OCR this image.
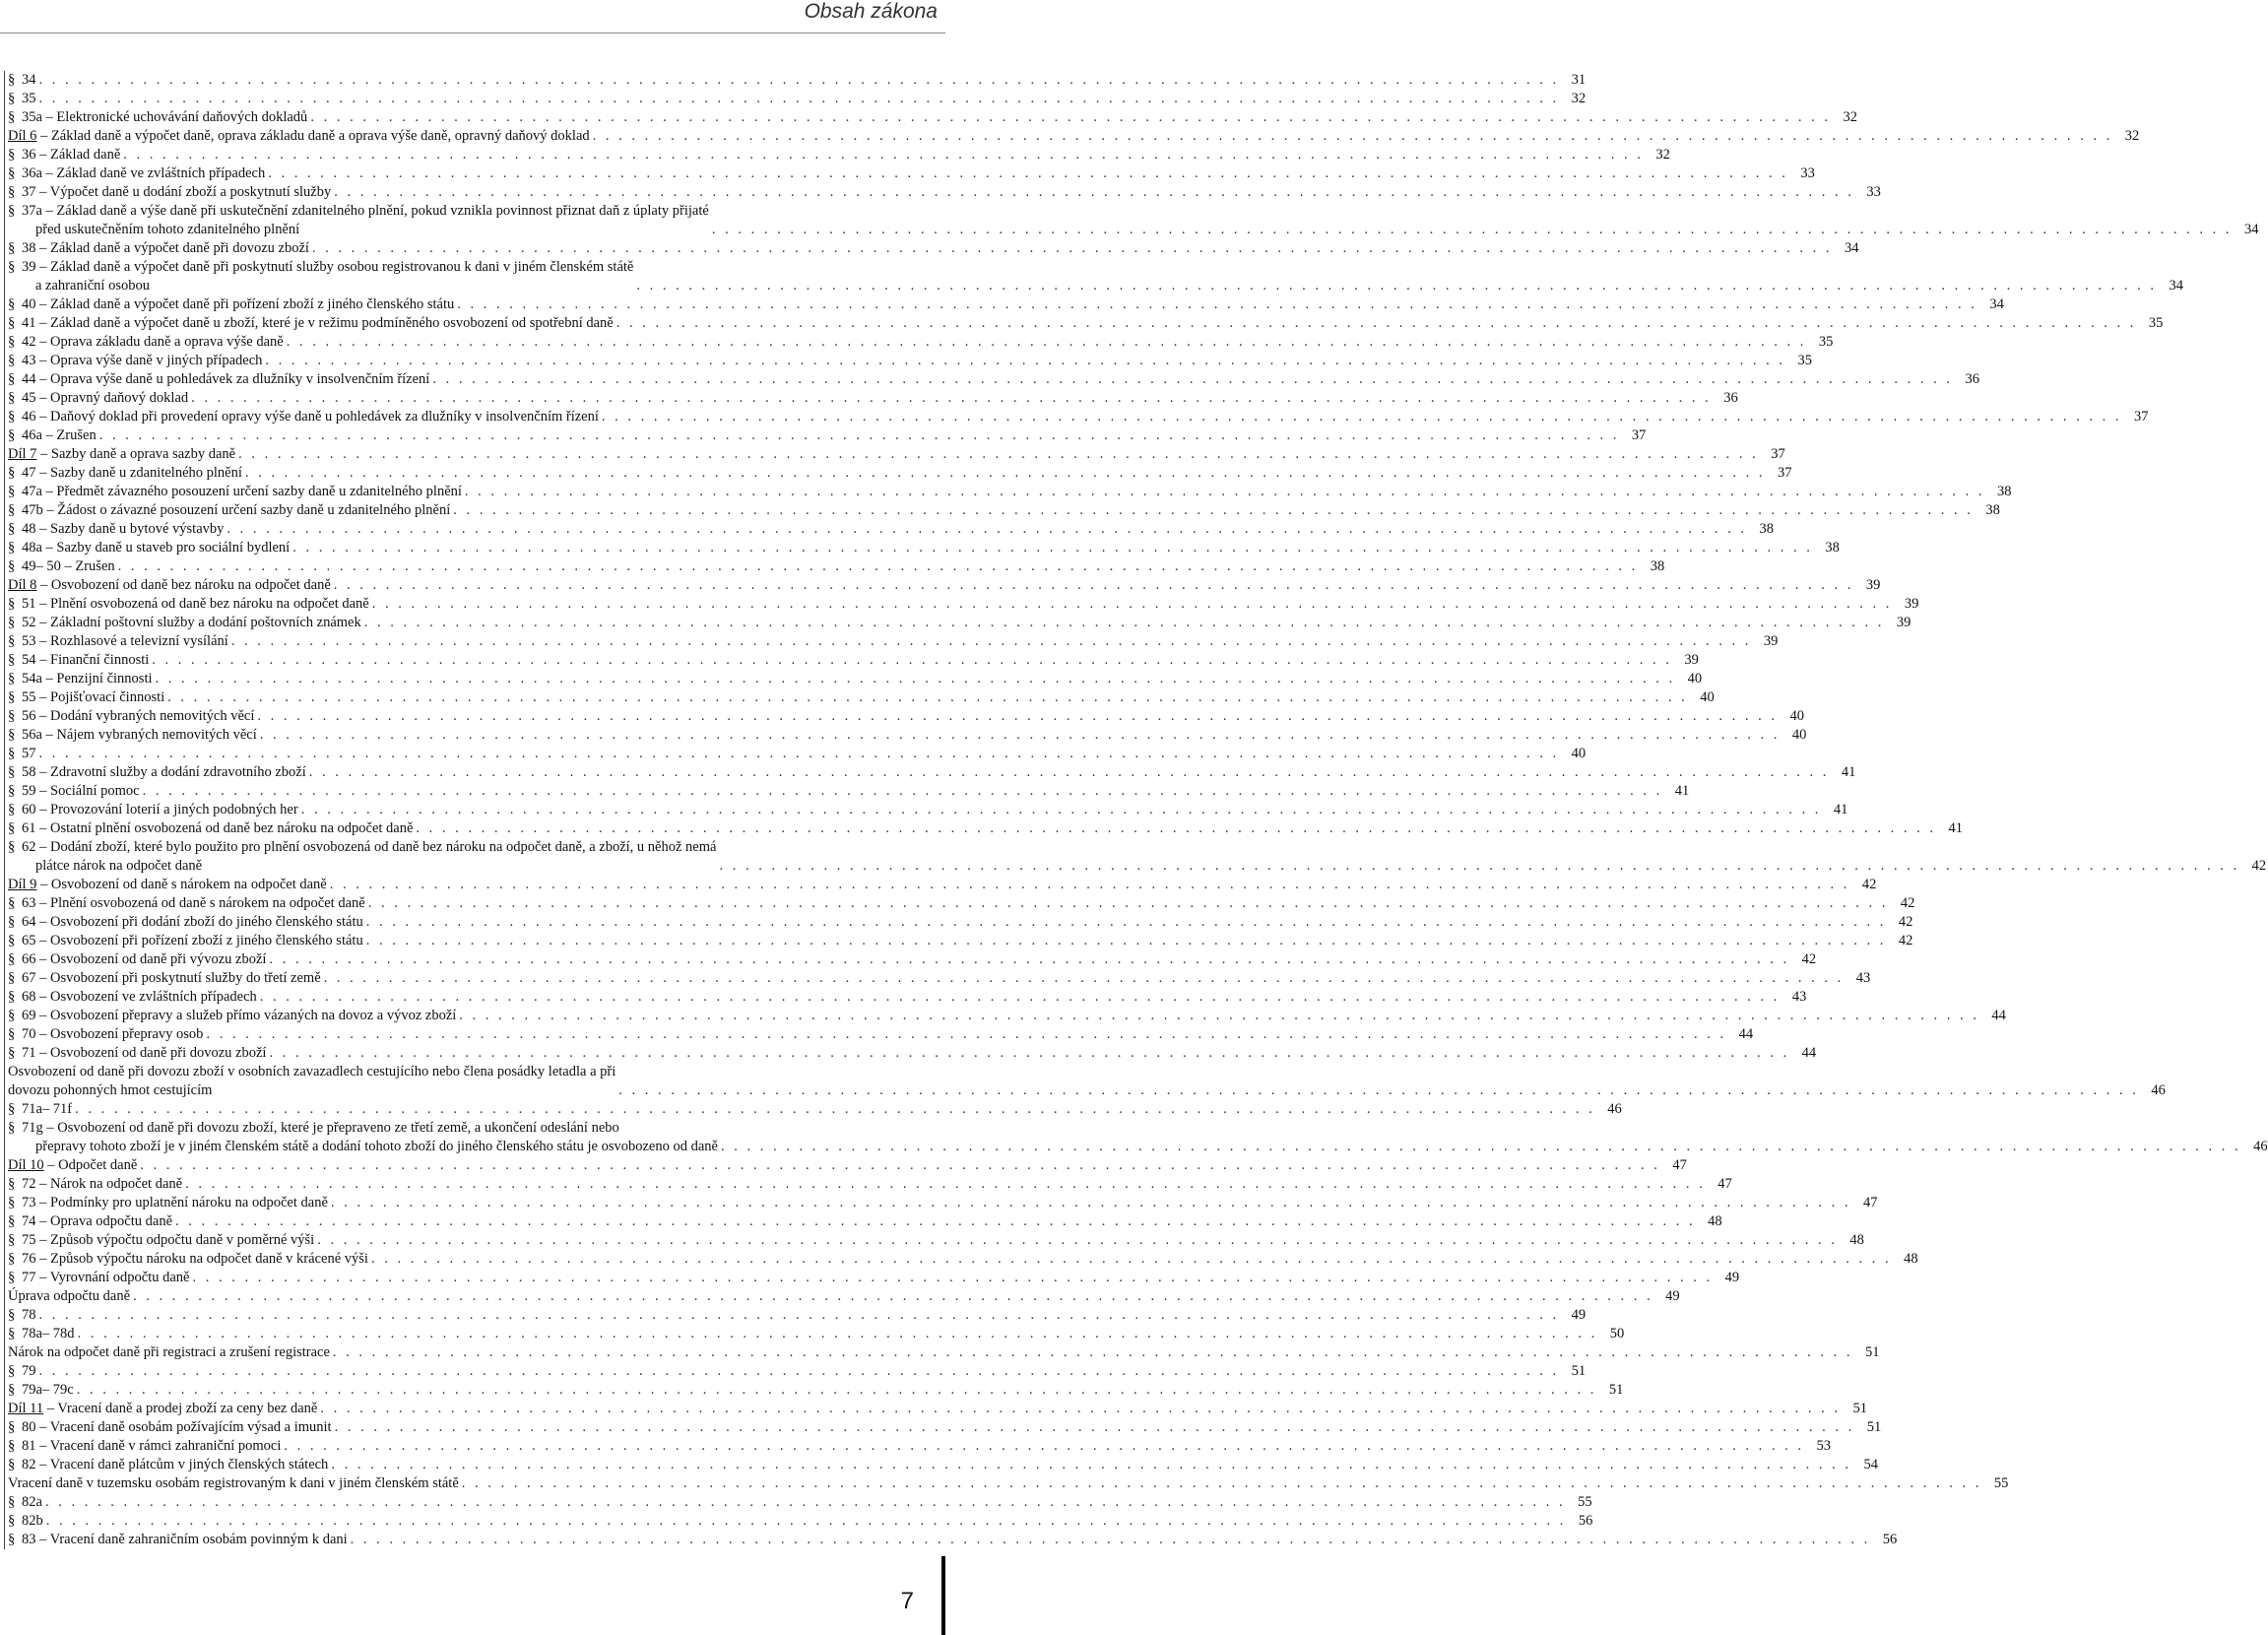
Obsah zákona
§ 34 . . . . . . . . . . . . . . . . . . . . . . . . . . . . . . . . . . . . . . . . . . . . . . . . . . . . . . . . . . . . . . . . . . . . . . . . . . . . . . . . . . . . . . . . . . . . . . . . . . . . . . . . . . . . . . . . . . . . . 31
§ 35 . . . . . . . . . . . . . . . . . . . . . . . . . . . . . . . . . . . . . . . . . . . . . . . . . . . . . . . . . . . . . . . . . . . . . . . . . . . . . . . . . . . . . . . . . . . . . . . . . . . . . . . . . . . . . . . . . . . . . 32
§ 35a – Elektronické uchovávání daňových dokladů . . . . . . . . . . . . . . . . . . . . . . . . . . . . . . . . . . . . . . . . . . . . . . . . . . . . . . . . . . . . . . . . . . . . . . . . . . . . . . . . . . . . . . . . . . . . . . . . . . . . . . . . . . . . . . . . . . . . . 32
Díl 6 – Základ daně a výpočet daně, oprava základu daně a oprava výše daně, opravný daňový doklad . . . . . . . . . . . . . . . . . . . . . . . . . . . . . . . . . . . . . . . . . . . . . . . . . . . . . . . . . . . . . . . . . . . . . . . . . . . . . . . . . . . . . . . . . . . . . . . . . . . . . . . . . . . . . . . . . . . . . 32
§ 36 – Základ daně . . . . . . . . . . . . . . . . . . . . . . . . . . . . . . . . . . . . . . . . . . . . . . . . . . . . . . . . . . . . . . . . . . . . . . . . . . . . . . . . . . . . . . . . . . . . . . . . . . . . . . . . . . . . . . . . . . . . . 32
§ 36a – Základ daně ve zvláštních případech . . . . . . . . . . . . . . . . . . . . . . . . . . . . . . . . . . . . . . . . . . . . . . . . . . . . . . . . . . . . . . . . . . . . . . . . . . . . . . . . . . . . . . . . . . . . . . . . . . . . . . . . . . . . . . . . . . . . . 33
§ 37 – Výpočet daně u dodání zboží a poskytnutí služby . . . . . . . . . . . . . . . . . . . . . . . . . . . . . . . . . . . . . . . . . . . . . . . . . . . . . . . . . . . . . . . . . . . . . . . . . . . . . . . . . . . . . . . . . . . . . . . . . . . . . . . . . . . . . . . . . . . . . 33
§ 37a – Základ daně a výše daně při uskutečnění zdanitelného plnění, pokud vznikla povinnost přiznat daň z úplaty přijaté
před uskutečněním tohoto zdanitelného plnění	. . . . . . . . . . . . . . . . . . . . . . . . . . . . . . . . . . . . . . . . . . . . . . . . . . . . . . . . . . . . . . . . . . . . . . . . . . . . . . . . . . . . . . . . . . . . . . . . . . . . . . . . . . . . . . . . . . . . . 34
§ 38 – Základ daně a výpočet daně při dovozu zboží . . . . . . . . . . . . . . . . . . . . . . . . . . . . . . . . . . . . . . . . . . . . . . . . . . . . . . . . . . . . . . . . . . . . . . . . . . . . . . . . . . . . . . . . . . . . . . . . . . . . . . . . . . . . . . . . . . . . . 34
§ 39 – Základ daně a výpočet daně při poskytnutí služby osobou registrovanou k dani v jiném členském státě
a zahraniční osobou	. . . . . . . . . . . . . . . . . . . . . . . . . . . . . . . . . . . . . . . . . . . . . . . . . . . . . . . . . . . . . . . . . . . . . . . . . . . . . . . . . . . . . . . . . . . . . . . . . . . . . . . . . . . . . . . . . . . . . 34
§ 40 – Základ daně a výpočet daně při pořízení zboží z jiného členského státu . . . . . . . . . . . . . . . . . . . . . . . . . . . . . . . . . . . . . . . . . . . . . . . . . . . . . . . . . . . . . . . . . . . . . . . . . . . . . . . . . . . . . . . . . . . . . . . . . . . . . . . . . . . . . . . . . . . . . 34
§ 41 – Základ daně a výpočet daně u zboží, které je v režimu podmíněného osvobození od spotřební daně . . . . . . . . . . . . . . . . . . . . . . . . . . . . . . . . . . . . . . . . . . . . . . . . . . . . . . . . . . . . . . . . . . . . . . . . . . . . . . . . . . . . . . . . . . . . . . . . . . . . . . . . . . . . . . . . . . . . . 35
§ 42 – Oprava základu daně a oprava výše daně . . . . . . . . . . . . . . . . . . . . . . . . . . . . . . . . . . . . . . . . . . . . . . . . . . . . . . . . . . . . . . . . . . . . . . . . . . . . . . . . . . . . . . . . . . . . . . . . . . . . . . . . . . . . . . . . . . . . . 35
§ 43 – Oprava výše daně v jiných případech . . . . . . . . . . . . . . . . . . . . . . . . . . . . . . . . . . . . . . . . . . . . . . . . . . . . . . . . . . . . . . . . . . . . . . . . . . . . . . . . . . . . . . . . . . . . . . . . . . . . . . . . . . . . . . . . . . . . . 35
§ 44 – Oprava výše daně u pohledávek za dlužníky v insolvenčním řízení . . . . . . . . . . . . . . . . . . . . . . . . . . . . . . . . . . . . . . . . . . . . . . . . . . . . . . . . . . . . . . . . . . . . . . . . . . . . . . . . . . . . . . . . . . . . . . . . . . . . . . . . . . . . . . . . . . . . . 36
§ 45 – Opravný daňový doklad . . . . . . . . . . . . . . . . . . . . . . . . . . . . . . . . . . . . . . . . . . . . . . . . . . . . . . . . . . . . . . . . . . . . . . . . . . . . . . . . . . . . . . . . . . . . . . . . . . . . . . . . . . . . . . . . . . . . . 36
§ 46 – Daňový doklad při provedení opravy výše daně u pohledávek za dlužníky v insolvenčním řízení . . . . . . . . . . . . . . . . . . . . . . . . . . . . . . . . . . . . . . . . . . . . . . . . . . . . . . . . . . . . . . . . . . . . . . . . . . . . . . . . . . . . . . . . . . . . . . . . . . . . . . . . . . . . . . . . . . . . . 37
§ 46a – Zrušen . . . . . . . . . . . . . . . . . . . . . . . . . . . . . . . . . . . . . . . . . . . . . . . . . . . . . . . . . . . . . . . . . . . . . . . . . . . . . . . . . . . . . . . . . . . . . . . . . . . . . . . . . . . . . . . . . . . . . 37
Díl 7 – Sazby daně a oprava sazby daně . . . . . . . . . . . . . . . . . . . . . . . . . . . . . . . . . . . . . . . . . . . . . . . . . . . . . . . . . . . . . . . . . . . . . . . . . . . . . . . . . . . . . . . . . . . . . . . . . . . . . . . . . . . . . . . . . . . . . 37
§ 47 – Sazby daně u zdanitelného plnění . . . . . . . . . . . . . . . . . . . . . . . . . . . . . . . . . . . . . . . . . . . . . . . . . . . . . . . . . . . . . . . . . . . . . . . . . . . . . . . . . . . . . . . . . . . . . . . . . . . . . . . . . . . . . . . . . . . . . 37
§ 47a – Předmět závazného posouzení určení sazby daně u zdanitelného plnění . . . . . . . . . . . . . . . . . . . . . . . . . . . . . . . . . . . . . . . . . . . . . . . . . . . . . . . . . . . . . . . . . . . . . . . . . . . . . . . . . . . . . . . . . . . . . . . . . . . . . . . . . . . . . . . . . . . . . 38
§ 47b – Žádost o závazné posouzení určení sazby daně u zdanitelného plnění . . . . . . . . . . . . . . . . . . . . . . . . . . . . . . . . . . . . . . . . . . . . . . . . . . . . . . . . . . . . . . . . . . . . . . . . . . . . . . . . . . . . . . . . . . . . . . . . . . . . . . . . . . . . . . . . . . . . . 38
§ 48 – Sazby daně u bytové výstavby . . . . . . . . . . . . . . . . . . . . . . . . . . . . . . . . . . . . . . . . . . . . . . . . . . . . . . . . . . . . . . . . . . . . . . . . . . . . . . . . . . . . . . . . . . . . . . . . . . . . . . . . . . . . . . . . . . . . . 38
§ 48a – Sazby daně u staveb pro sociální bydlení . . . . . . . . . . . . . . . . . . . . . . . . . . . . . . . . . . . . . . . . . . . . . . . . . . . . . . . . . . . . . . . . . . . . . . . . . . . . . . . . . . . . . . . . . . . . . . . . . . . . . . . . . . . . . . . . . . . . . 38
§ 49– 50 – Zrušen . . . . . . . . . . . . . . . . . . . . . . . . . . . . . . . . . . . . . . . . . . . . . . . . . . . . . . . . . . . . . . . . . . . . . . . . . . . . . . . . . . . . . . . . . . . . . . . . . . . . . . . . . . . . . . . . . . . . . 38
Díl 8 – Osvobození od daně bez nároku na odpočet daně . . . . . . . . . . . . . . . . . . . . . . . . . . . . . . . . . . . . . . . . . . . . . . . . . . . . . . . . . . . . . . . . . . . . . . . . . . . . . . . . . . . . . . . . . . . . . . . . . . . . . . . . . . . . . . . . . . . . . 39
§ 51 – Plnění osvobozená od daně bez nároku na odpočet daně . . . . . . . . . . . . . . . . . . . . . . . . . . . . . . . . . . . . . . . . . . . . . . . . . . . . . . . . . . . . . . . . . . . . . . . . . . . . . . . . . . . . . . . . . . . . . . . . . . . . . . . . . . . . . . . . . . . . . 39
§ 52 – Základní poštovní služby a dodání poštovních známek . . . . . . . . . . . . . . . . . . . . . . . . . . . . . . . . . . . . . . . . . . . . . . . . . . . . . . . . . . . . . . . . . . . . . . . . . . . . . . . . . . . . . . . . . . . . . . . . . . . . . . . . . . . . . . . . . . . . . 39
§ 53 – Rozhlasové a televizní vysílání . . . . . . . . . . . . . . . . . . . . . . . . . . . . . . . . . . . . . . . . . . . . . . . . . . . . . . . . . . . . . . . . . . . . . . . . . . . . . . . . . . . . . . . . . . . . . . . . . . . . . . . . . . . . . . . . . . . . . 39
§ 54 – Finanční činnosti . . . . . . . . . . . . . . . . . . . . . . . . . . . . . . . . . . . . . . . . . . . . . . . . . . . . . . . . . . . . . . . . . . . . . . . . . . . . . . . . . . . . . . . . . . . . . . . . . . . . . . . . . . . . . . . . . . . . . 39
§ 54a – Penzijní činnosti . . . . . . . . . . . . . . . . . . . . . . . . . . . . . . . . . . . . . . . . . . . . . . . . . . . . . . . . . . . . . . . . . . . . . . . . . . . . . . . . . . . . . . . . . . . . . . . . . . . . . . . . . . . . . . . . . . . . . 40
§ 55 – Pojišťovací činnosti . . . . . . . . . . . . . . . . . . . . . . . . . . . . . . . . . . . . . . . . . . . . . . . . . . . . . . . . . . . . . . . . . . . . . . . . . . . . . . . . . . . . . . . . . . . . . . . . . . . . . . . . . . . . . . . . . . . . . 40
§ 56 – Dodání vybraných nemovitých věcí . . . . . . . . . . . . . . . . . . . . . . . . . . . . . . . . . . . . . . . . . . . . . . . . . . . . . . . . . . . . . . . . . . . . . . . . . . . . . . . . . . . . . . . . . . . . . . . . . . . . . . . . . . . . . . . . . . . . . 40
§ 56a – Nájem vybraných nemovitých věcí . . . . . . . . . . . . . . . . . . . . . . . . . . . . . . . . . . . . . . . . . . . . . . . . . . . . . . . . . . . . . . . . . . . . . . . . . . . . . . . . . . . . . . . . . . . . . . . . . . . . . . . . . . . . . . . . . . . . . 40
§ 57 . . . . . . . . . . . . . . . . . . . . . . . . . . . . . . . . . . . . . . . . . . . . . . . . . . . . . . . . . . . . . . . . . . . . . . . . . . . . . . . . . . . . . . . . . . . . . . . . . . . . . . . . . . . . . . . . . . . . . 40
§ 58 – Zdravotní služby a dodání zdravotního zboží . . . . . . . . . . . . . . . . . . . . . . . . . . . . . . . . . . . . . . . . . . . . . . . . . . . . . . . . . . . . . . . . . . . . . . . . . . . . . . . . . . . . . . . . . . . . . . . . . . . . . . . . . . . . . . . . . . . . . 41
§ 59 – Sociální pomoc . . . . . . . . . . . . . . . . . . . . . . . . . . . . . . . . . . . . . . . . . . . . . . . . . . . . . . . . . . . . . . . . . . . . . . . . . . . . . . . . . . . . . . . . . . . . . . . . . . . . . . . . . . . . . . . . . . . . . 41
§ 60 – Provozování loterií a jiných podobných her . . . . . . . . . . . . . . . . . . . . . . . . . . . . . . . . . . . . . . . . . . . . . . . . . . . . . . . . . . . . . . . . . . . . . . . . . . . . . . . . . . . . . . . . . . . . . . . . . . . . . . . . . . . . . . . . . . . . . 41
§ 61 – Ostatní plnění osvobozená od daně bez nároku na odpočet daně . . . . . . . . . . . . . . . . . . . . . . . . . . . . . . . . . . . . . . . . . . . . . . . . . . . . . . . . . . . . . . . . . . . . . . . . . . . . . . . . . . . . . . . . . . . . . . . . . . . . . . . . . . . . . . . . . . . . . 41
§ 62 – Dodání zboží, které bylo použito pro plnění osvobozená od daně bez nároku na odpočet daně, a zboží, u něhož nemá
plátce nárok na odpočet daně	. . . . . . . . . . . . . . . . . . . . . . . . . . . . . . . . . . . . . . . . . . . . . . . . . . . . . . . . . . . . . . . . . . . . . . . . . . . . . . . . . . . . . . . . . . . . . . . . . . . . . . . . . . . . . . . . . . . . . 42
Díl 9 – Osvobození od daně s nárokem na odpočet daně . . . . . . . . . . . . . . . . . . . . . . . . . . . . . . . . . . . . . . . . . . . . . . . . . . . . . . . . . . . . . . . . . . . . . . . . . . . . . . . . . . . . . . . . . . . . . . . . . . . . . . . . . . . . . . . . . . . . . 42
§ 63 – Plnění osvobozená od daně s nárokem na odpočet daně . . . . . . . . . . . . . . . . . . . . . . . . . . . . . . . . . . . . . . . . . . . . . . . . . . . . . . . . . . . . . . . . . . . . . . . . . . . . . . . . . . . . . . . . . . . . . . . . . . . . . . . . . . . . . . . . . . . . . 42
§ 64 – Osvobození při dodání zboží do jiného členského státu . . . . . . . . . . . . . . . . . . . . . . . . . . . . . . . . . . . . . . . . . . . . . . . . . . . . . . . . . . . . . . . . . . . . . . . . . . . . . . . . . . . . . . . . . . . . . . . . . . . . . . . . . . . . . . . . . . . . . 42
§ 65 – Osvobození při pořízení zboží z jiného členského státu . . . . . . . . . . . . . . . . . . . . . . . . . . . . . . . . . . . . . . . . . . . . . . . . . . . . . . . . . . . . . . . . . . . . . . . . . . . . . . . . . . . . . . . . . . . . . . . . . . . . . . . . . . . . . . . . . . . . . 42
§ 66 – Osvobození od daně při vývozu zboží . . . . . . . . . . . . . . . . . . . . . . . . . . . . . . . . . . . . . . . . . . . . . . . . . . . . . . . . . . . . . . . . . . . . . . . . . . . . . . . . . . . . . . . . . . . . . . . . . . . . . . . . . . . . . . . . . . . . . 42
§ 67 – Osvobození při poskytnutí služby do třetí země . . . . . . . . . . . . . . . . . . . . . . . . . . . . . . . . . . . . . . . . . . . . . . . . . . . . . . . . . . . . . . . . . . . . . . . . . . . . . . . . . . . . . . . . . . . . . . . . . . . . . . . . . . . . . . . . . . . . . 43
§ 68 – Osvobození ve zvláštních případech . . . . . . . . . . . . . . . . . . . . . . . . . . . . . . . . . . . . . . . . . . . . . . . . . . . . . . . . . . . . . . . . . . . . . . . . . . . . . . . . . . . . . . . . . . . . . . . . . . . . . . . . . . . . . . . . . . . . . 43
§ 69 – Osvobození přepravy a služeb přímo vázaných na dovoz a vývoz zboží . . . . . . . . . . . . . . . . . . . . . . . . . . . . . . . . . . . . . . . . . . . . . . . . . . . . . . . . . . . . . . . . . . . . . . . . . . . . . . . . . . . . . . . . . . . . . . . . . . . . . . . . . . . . . . . . . . . . . 44
§ 70 – Osvobození přepravy osob . . . . . . . . . . . . . . . . . . . . . . . . . . . . . . . . . . . . . . . . . . . . . . . . . . . . . . . . . . . . . . . . . . . . . . . . . . . . . . . . . . . . . . . . . . . . . . . . . . . . . . . . . . . . . . . . . . . . . 44
§ 71 – Osvobození od daně při dovozu zboží . . . . . . . . . . . . . . . . . . . . . . . . . . . . . . . . . . . . . . . . . . . . . . . . . . . . . . . . . . . . . . . . . . . . . . . . . . . . . . . . . . . . . . . . . . . . . . . . . . . . . . . . . . . . . . . . . . . . . 44
Osvobození od daně při dovozu zboží v osobních zavazadlech cestujícího nebo člena posádky letadla a při
dovozu pohonných hmot cestujícím	. . . . . . . . . . . . . . . . . . . . . . . . . . . . . . . . . . . . . . . . . . . . . . . . . . . . . . . . . . . . . . . . . . . . . . . . . . . . . . . . . . . . . . . . . . . . . . . . . . . . . . . . . . . . . . . . . . . . . 46
§ 71a– 71f . . . . . . . . . . . . . . . . . . . . . . . . . . . . . . . . . . . . . . . . . . . . . . . . . . . . . . . . . . . . . . . . . . . . . . . . . . . . . . . . . . . . . . . . . . . . . . . . . . . . . . . . . . . . . . . . . . . . . 46
§ 71g – Osvobození od daně při dovozu zboží, které je přepraveno ze třetí země, a ukončení odeslání nebo
přepravy tohoto zboží je v jiném členském státě a dodání tohoto zboží do jiného členského státu je osvobozeno od daně . . . . . . . . . . . . . . . . . . . . . . . . . . . . . . . . . . . . . . . . . . . . . . . . . . . . . . . . . . . . . . . . . . . . . . . . . . . . . . . . . . . . . . . . . . . . . . . . . . . . . . . . . . . . . . . . . . . . . 46
Díl 10 – Odpočet daně . . . . . . . . . . . . . . . . . . . . . . . . . . . . . . . . . . . . . . . . . . . . . . . . . . . . . . . . . . . . . . . . . . . . . . . . . . . . . . . . . . . . . . . . . . . . . . . . . . . . . . . . . . . . . . . . . . . . . 47
§ 72 – Nárok na odpočet daně . . . . . . . . . . . . . . . . . . . . . . . . . . . . . . . . . . . . . . . . . . . . . . . . . . . . . . . . . . . . . . . . . . . . . . . . . . . . . . . . . . . . . . . . . . . . . . . . . . . . . . . . . . . . . . . . . . . . . 47
§ 73 – Podmínky pro uplatnění nároku na odpočet daně . . . . . . . . . . . . . . . . . . . . . . . . . . . . . . . . . . . . . . . . . . . . . . . . . . . . . . . . . . . . . . . . . . . . . . . . . . . . . . . . . . . . . . . . . . . . . . . . . . . . . . . . . . . . . . . . . . . . . 47
§ 74 – Oprava odpočtu daně . . . . . . . . . . . . . . . . . . . . . . . . . . . . . . . . . . . . . . . . . . . . . . . . . . . . . . . . . . . . . . . . . . . . . . . . . . . . . . . . . . . . . . . . . . . . . . . . . . . . . . . . . . . . . . . . . . . . . 48
§ 75 – Způsob výpočtu odpočtu daně v poměrné výši . . . . . . . . . . . . . . . . . . . . . . . . . . . . . . . . . . . . . . . . . . . . . . . . . . . . . . . . . . . . . . . . . . . . . . . . . . . . . . . . . . . . . . . . . . . . . . . . . . . . . . . . . . . . . . . . . . . . . 48
§ 76 – Způsob výpočtu nároku na odpočet daně v krácené výši . . . . . . . . . . . . . . . . . . . . . . . . . . . . . . . . . . . . . . . . . . . . . . . . . . . . . . . . . . . . . . . . . . . . . . . . . . . . . . . . . . . . . . . . . . . . . . . . . . . . . . . . . . . . . . . . . . . . . 48
§ 77 – Vyrovnání odpočtu daně . . . . . . . . . . . . . . . . . . . . . . . . . . . . . . . . . . . . . . . . . . . . . . . . . . . . . . . . . . . . . . . . . . . . . . . . . . . . . . . . . . . . . . . . . . . . . . . . . . . . . . . . . . . . . . . . . . . . . 49
Úprava odpočtu daně . . . . . . . . . . . . . . . . . . . . . . . . . . . . . . . . . . . . . . . . . . . . . . . . . . . . . . . . . . . . . . . . . . . . . . . . . . . . . . . . . . . . . . . . . . . . . . . . . . . . . . . . . . . . . . . . . . . . . 49
§ 78 . . . . . . . . . . . . . . . . . . . . . . . . . . . . . . . . . . . . . . . . . . . . . . . . . . . . . . . . . . . . . . . . . . . . . . . . . . . . . . . . . . . . . . . . . . . . . . . . . . . . . . . . . . . . . . . . . . . . . 49
§ 78a– 78d . . . . . . . . . . . . . . . . . . . . . . . . . . . . . . . . . . . . . . . . . . . . . . . . . . . . . . . . . . . . . . . . . . . . . . . . . . . . . . . . . . . . . . . . . . . . . . . . . . . . . . . . . . . . . . . . . . . . . 50
Nárok na odpočet daně při registraci a zrušení registrace . . . . . . . . . . . . . . . . . . . . . . . . . . . . . . . . . . . . . . . . . . . . . . . . . . . . . . . . . . . . . . . . . . . . . . . . . . . . . . . . . . . . . . . . . . . . . . . . . . . . . . . . . . . . . . . . . . . . . 51
§ 79 . . . . . . . . . . . . . . . . . . . . . . . . . . . . . . . . . . . . . . . . . . . . . . . . . . . . . . . . . . . . . . . . . . . . . . . . . . . . . . . . . . . . . . . . . . . . . . . . . . . . . . . . . . . . . . . . . . . . . 51
§ 79a– 79c . . . . . . . . . . . . . . . . . . . . . . . . . . . . . . . . . . . . . . . . . . . . . . . . . . . . . . . . . . . . . . . . . . . . . . . . . . . . . . . . . . . . . . . . . . . . . . . . . . . . . . . . . . . . . . . . . . . . . 51
Díl 11 – Vracení daně a prodej zboží za ceny bez daně . . . . . . . . . . . . . . . . . . . . . . . . . . . . . . . . . . . . . . . . . . . . . . . . . . . . . . . . . . . . . . . . . . . . . . . . . . . . . . . . . . . . . . . . . . . . . . . . . . . . . . . . . . . . . . . . . . . . . 51
§ 80 – Vracení daně osobám požívajícím výsad a imunit . . . . . . . . . . . . . . . . . . . . . . . . . . . . . . . . . . . . . . . . . . . . . . . . . . . . . . . . . . . . . . . . . . . . . . . . . . . . . . . . . . . . . . . . . . . . . . . . . . . . . . . . . . . . . . . . . . . . . 51
§ 81 – Vracení daně v rámci zahraniční pomoci . . . . . . . . . . . . . . . . . . . . . . . . . . . . . . . . . . . . . . . . . . . . . . . . . . . . . . . . . . . . . . . . . . . . . . . . . . . . . . . . . . . . . . . . . . . . . . . . . . . . . . . . . . . . . . . . . . . . . 53
§ 82 – Vracení daně plátcům v jiných členských státech . . . . . . . . . . . . . . . . . . . . . . . . . . . . . . . . . . . . . . . . . . . . . . . . . . . . . . . . . . . . . . . . . . . . . . . . . . . . . . . . . . . . . . . . . . . . . . . . . . . . . . . . . . . . . . . . . . . . . 54
Vracení daně v tuzemsku osobám registrovaným k dani v jiném členském státě . . . . . . . . . . . . . . . . . . . . . . . . . . . . . . . . . . . . . . . . . . . . . . . . . . . . . . . . . . . . . . . . . . . . . . . . . . . . . . . . . . . . . . . . . . . . . . . . . . . . . . . . . . . . . . . . . . . . . 55
§ 82a . . . . . . . . . . . . . . . . . . . . . . . . . . . . . . . . . . . . . . . . . . . . . . . . . . . . . . . . . . . . . . . . . . . . . . . . . . . . . . . . . . . . . . . . . . . . . . . . . . . . . . . . . . . . . . . . . . . . . 55
§ 82b . . . . . . . . . . . . . . . . . . . . . . . . . . . . . . . . . . . . . . . . . . . . . . . . . . . . . . . . . . . . . . . . . . . . . . . . . . . . . . . . . . . . . . . . . . . . . . . . . . . . . . . . . . . . . . . . . . . . . 56
§ 83 – Vracení daně zahraničním osobám povinným k dani . . . . . . . . . . . . . . . . . . . . . . . . . . . . . . . . . . . . . . . . . . . . . . . . . . . . . . . . . . . . . . . . . . . . . . . . . . . . . . . . . . . . . . . . . . . . . . . . . . . . . . . . . . . . . . . . . . . . . 56
7
